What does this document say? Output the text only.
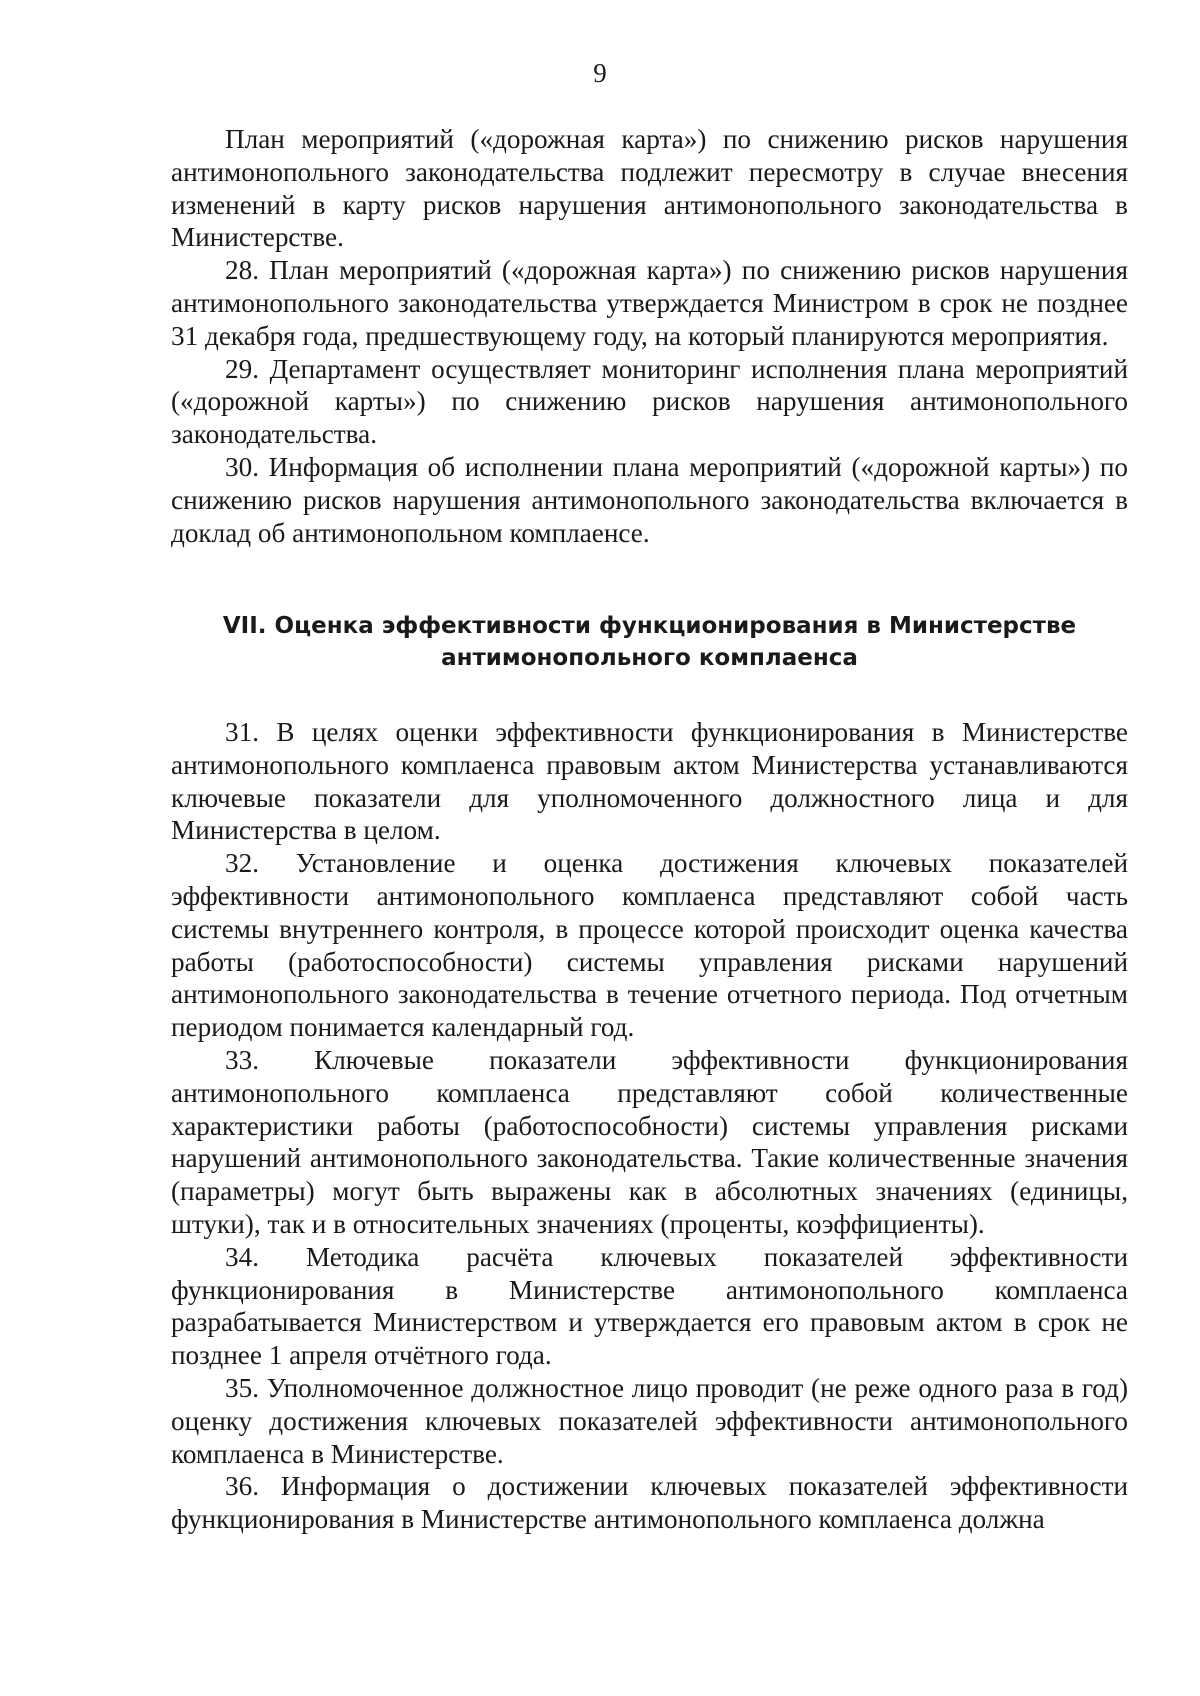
9

План мероприятий («дорожная карта») по снижению рисков нарушения антимонопольного законодательства подлежит пересмотру в случае внесения изменений в карту рисков нарушения антимонопольного законодательства в Министерстве.

28. План мероприятий («дорожная карта») по снижению рисков нарушения антимонопольного законодательства утверждается Министром в срок не позднее 31 декабря года, предшествующему году, на который планируются мероприятия.

29. Департамент осуществляет мониторинг исполнения плана мероприятий («дорожной карты») по снижению рисков нарушения антимонопольного законодательства.

30. Информация об исполнении плана мероприятий («дорожной карты») по снижению рисков нарушения антимонопольного законодательства включается в доклад об антимонопольном комплаенсе.

VII. Оценка эффективности функционирования в Министерстве
антимонопольного комплаенса

31. В целях оценки эффективности функционирования в Министерстве антимонопольного комплаенса правовым актом Министерства устанавливаются ключевые показатели для уполномоченного должностного лица и для Министерства в целом.

32. Установление и оценка достижения ключевых показателей эффективности антимонопольного комплаенса представляют собой часть системы внутреннего контроля, в процессе которой происходит оценка качества работы (работоспособности) системы управления рисками нарушений антимонопольного законодательства в течение отчетного периода. Под отчетным периодом понимается календарный год.

33. Ключевые показатели эффективности функционирования антимонопольного комплаенса представляют собой количественные характеристики работы (работоспособности) системы управления рисками нарушений антимонопольного законодательства. Такие количественные значения (параметры) могут быть выражены как в абсолютных значениях (единицы, штуки), так и в относительных значениях (проценты, коэффициенты).

34. Методика расчёта ключевых показателей эффективности функционирования в Министерстве антимонопольного комплаенса разрабатывается Министерством и утверждается его правовым актом в срок не позднее 1 апреля отчётного года.

35. Уполномоченное должностное лицо проводит (не реже одного раза в год) оценку достижения ключевых показателей эффективности антимонопольного комплаенса в Министерстве.

36. Информация о достижении ключевых показателей эффективности функционирования в Министерстве антимонопольного комплаенса должна
